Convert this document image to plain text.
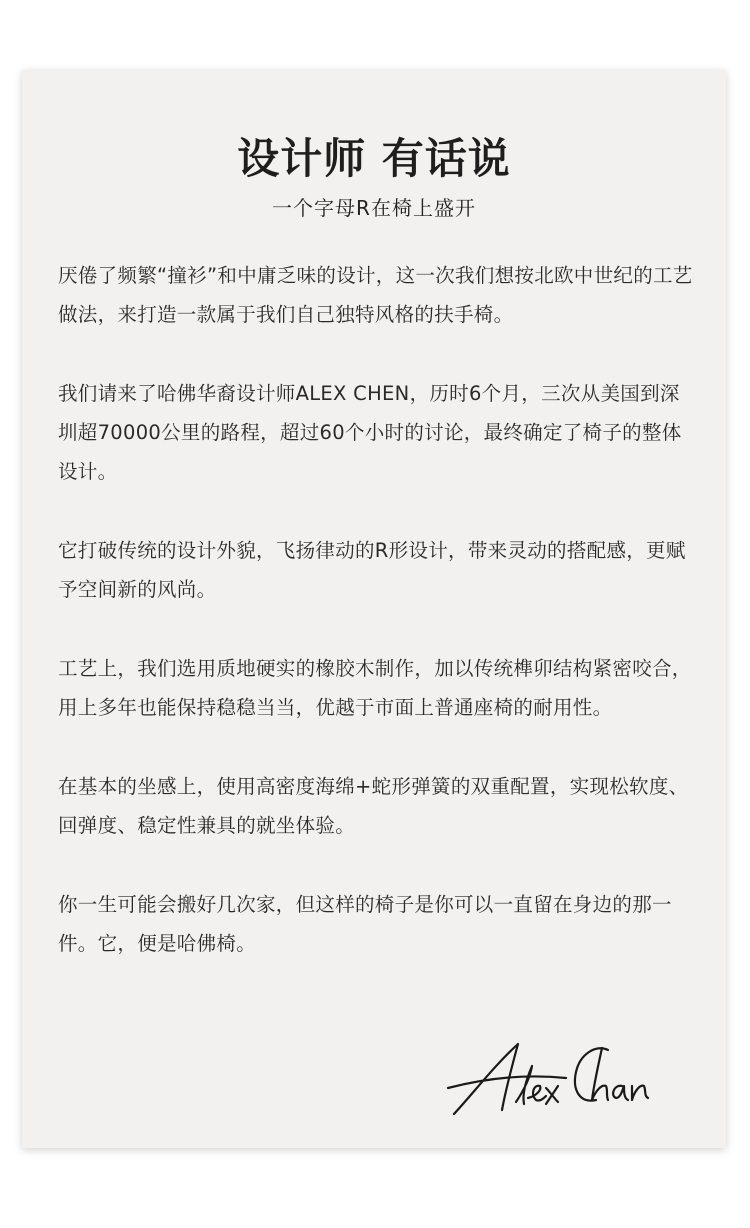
设计师 有话说
一个字母R在椅上盛开

厌倦了频繁“撞衫”和中庸乏味的设计，这一次我们想按北欧中世纪的工艺做法，来打造一款属于我们自己独特风格的扶手椅。

我们请来了哈佛华裔设计师ALEX CHEN，历时6个月，三次从美国到深圳超70000公里的路程，超过60个小时的讨论，最终确定了椅子的整体设计。

它打破传统的设计外貌，飞扬律动的R形设计，带来灵动的搭配感，更赋予空间新的风尚。

工艺上，我们选用质地硬实的橡胶木制作，加以传统榫卯结构紧密咬合，用上多年也能保持稳稳当当，优越于市面上普通座椅的耐用性。

在基本的坐感上，使用高密度海绵+蛇形弹簧的双重配置，实现松软度、回弹度、稳定性兼具的就坐体验。

你一生可能会搬好几次家，但这样的椅子是你可以一直留在身边的那一件。它，便是哈佛椅。
